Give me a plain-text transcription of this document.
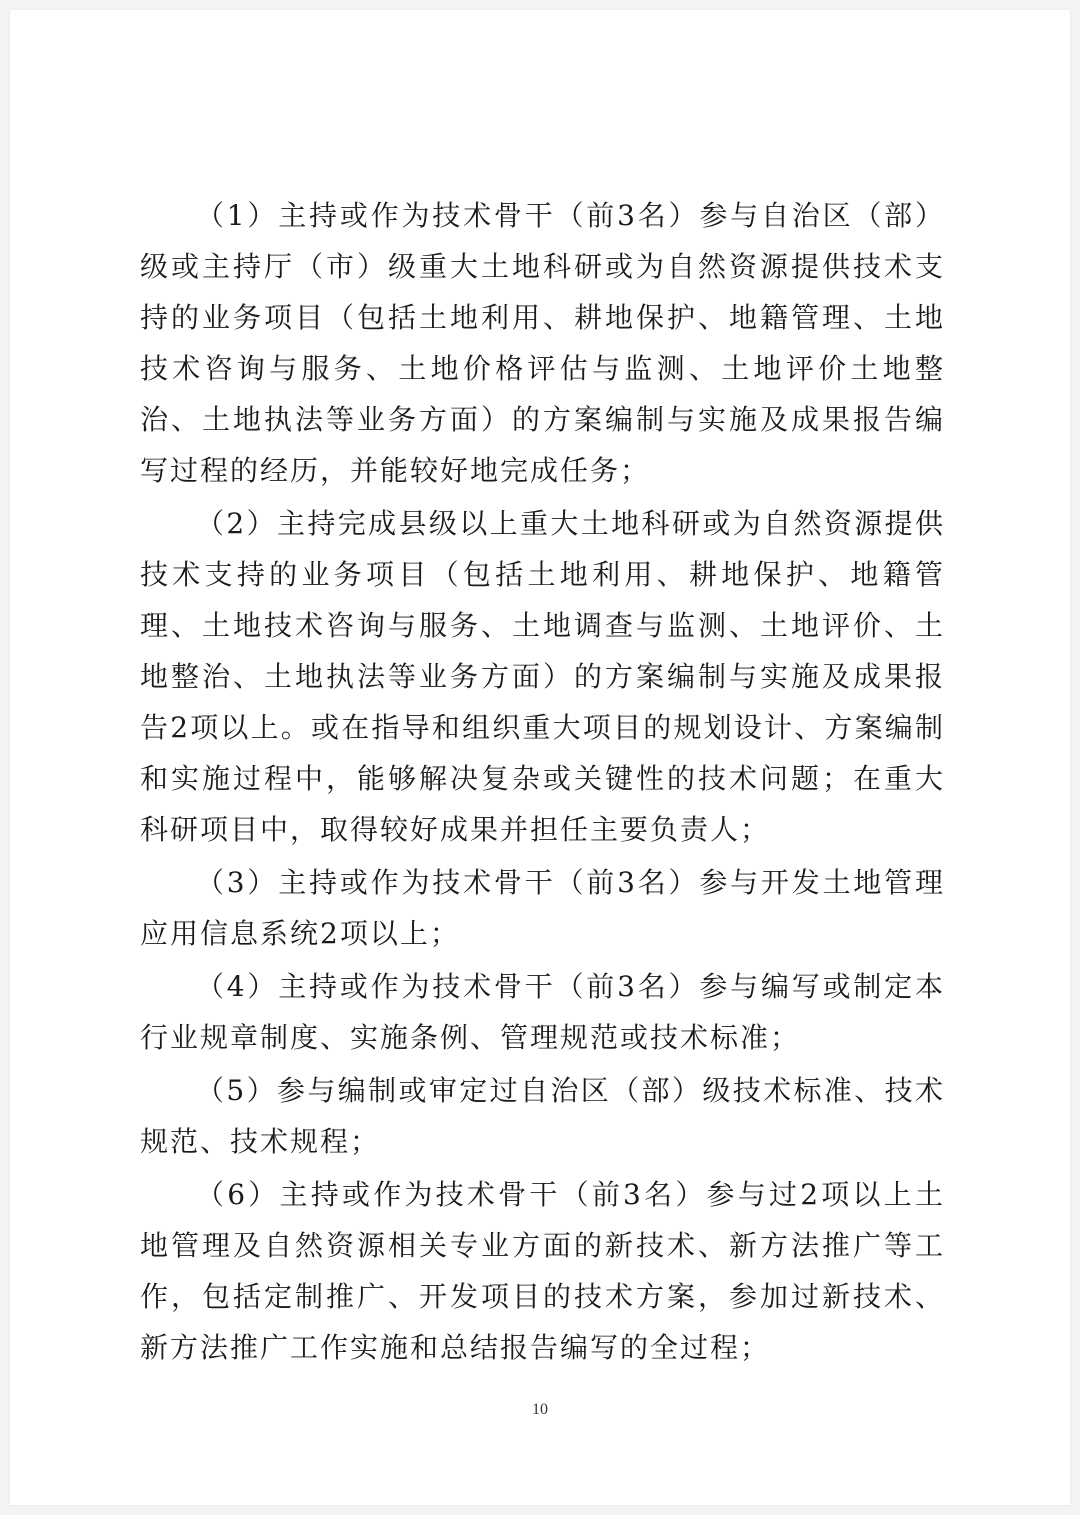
（1）主持或作为技术骨干（前3名）参与自治区（部）级或主持厅（市）级重大土地科研或为自然资源提供技术支持的业务项目（包括土地利用、耕地保护、地籍管理、土地技术咨询与服务、土地价格评估与监测、土地评价土地整治、土地执法等业务方面）的方案编制与实施及成果报告编写过程的经历，并能较好地完成任务；

（2）主持完成县级以上重大土地科研或为自然资源提供技术支持的业务项目（包括土地利用、耕地保护、地籍管理、土地技术咨询与服务、土地调查与监测、土地评价、土地整治、土地执法等业务方面）的方案编制与实施及成果报告2项以上。或在指导和组织重大项目的规划设计、方案编制和实施过程中，能够解决复杂或关键性的技术问题；在重大科研项目中，取得较好成果并担任主要负责人；

（3）主持或作为技术骨干（前3名）参与开发土地管理应用信息系统2项以上；

（4）主持或作为技术骨干（前3名）参与编写或制定本行业规章制度、实施条例、管理规范或技术标准；

（5）参与编制或审定过自治区（部）级技术标准、技术规范、技术规程；

（6）主持或作为技术骨干（前3名）参与过2项以上土地管理及自然资源相关专业方面的新技术、新方法推广等工作，包括定制推广、开发项目的技术方案，参加过新技术、新方法推广工作实施和总结报告编写的全过程；

10
